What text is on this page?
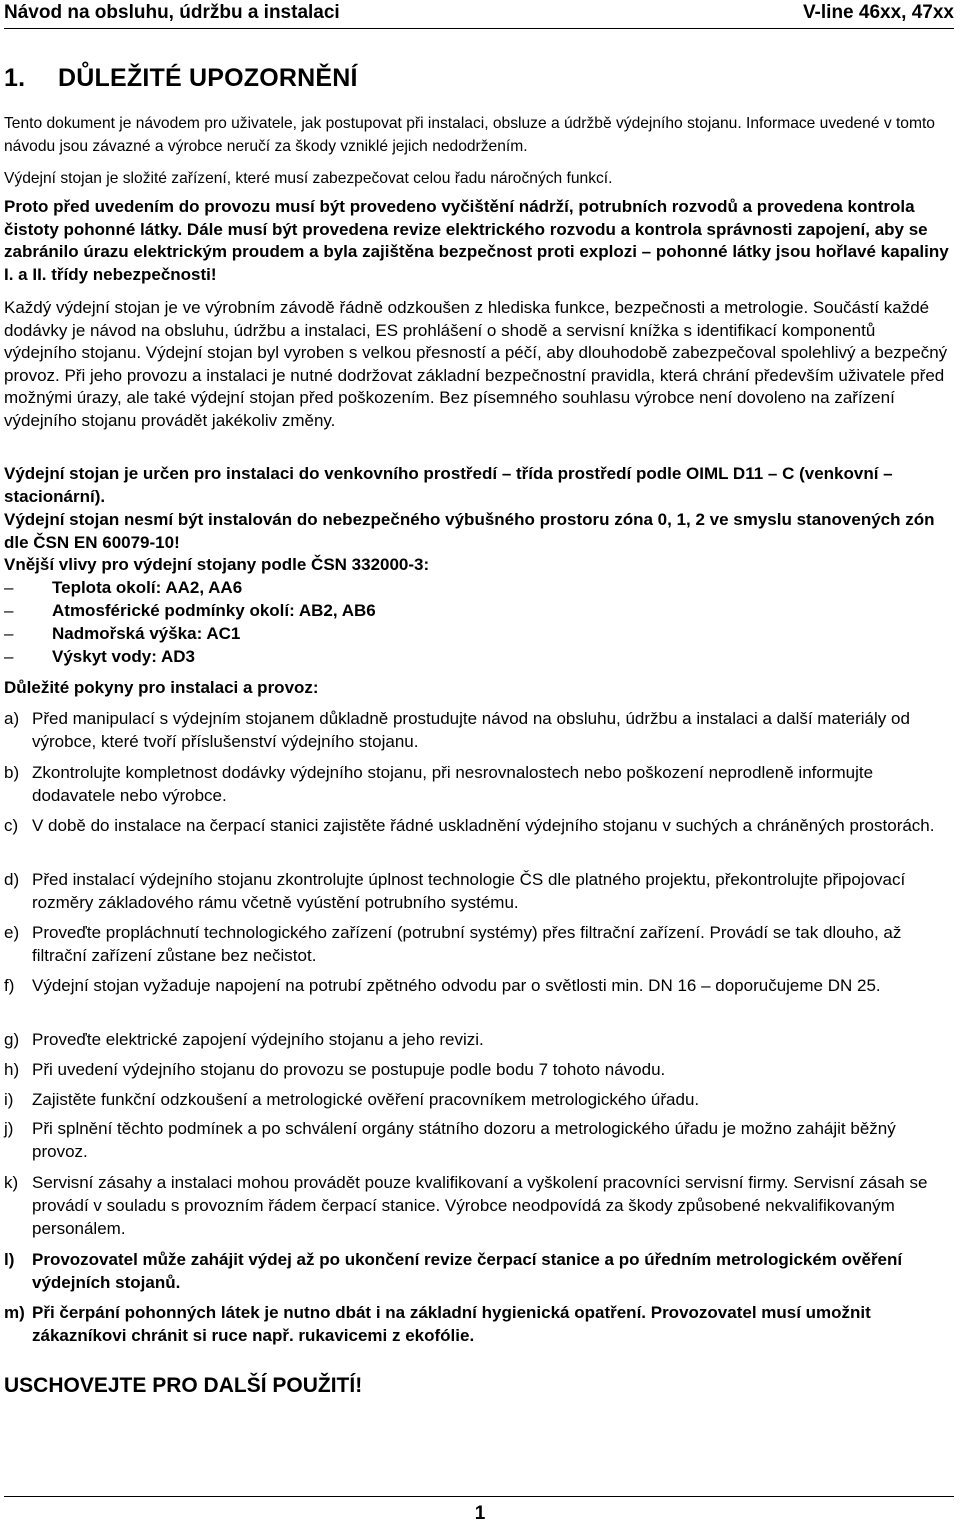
Návod na obsluhu, údržbu a instalaci	V-line 46xx, 47xx
1. DŮLEŽITÉ UPOZORNĚNÍ

Tento dokument je návodem pro uživatele, jak postupovat při instalaci, obsluze a údržbě výdejního stojanu. Informace uvedené v tomto návodu jsou závazné a výrobce neručí za škody vzniklé jejich nedodržením.

Výdejní stojan je složité zařízení, které musí zabezpečovat celou řadu náročných funkcí.

Proto před uvedením do provozu musí být provedeno vyčištění nádrží, potrubních rozvodů a provedena kontrola čistoty pohonné látky. Dále musí být provedena revize elektrického rozvodu a kontrola správnosti zapojení, aby se zabránilo úrazu elektrickým proudem a byla zajištěna bezpečnost proti explozi – pohonné látky jsou hořlavé kapaliny I. a II. třídy nebezpečnosti!

Každý výdejní stojan je ve výrobním závodě řádně odzkoušen z hlediska funkce, bezpečnosti a metrologie. Součástí každé dodávky je návod na obsluhu, údržbu a instalaci, ES prohlášení o shodě a servisní knížka s identifikací komponentů výdejního stojanu. Výdejní stojan byl vyroben s velkou přesností a péčí, aby dlouhodobě zabezpečoval spolehlivý a bezpečný provoz. Při jeho provozu a instalaci je nutné dodržovat základní bezpečnostní pravidla, která chrání především uživatele před možnými úrazy, ale také výdejní stojan před poškozením. Bez písemného souhlasu výrobce není dovoleno na zařízení výdejního stojanu provádět jakékoliv změny.

Výdejní stojan je určen pro instalaci do venkovního prostředí – třída prostředí podle OIML D11 – C (venkovní – stacionární).

Výdejní stojan nesmí být instalován do nebezpečného výbušného prostoru zóna 0, 1, 2 ve smyslu stanovených zón dle ČSN EN 60079-10!

Vnější vlivy pro výdejní stojany podle ČSN 332000-3:

– Teplota okolí: AA2, AA6
– Atmosférické podmínky okolí: AB2, AB6
– Nadmořská výška: AC1
– Výskyt vody: AD3

Důležité pokyny pro instalaci a provoz:

a) Před manipulací s výdejním stojanem důkladně prostudujte návod na obsluhu, údržbu a instalaci a další materiály od výrobce, které tvoří příslušenství výdejního stojanu.
b) Zkontrolujte kompletnost dodávky výdejního stojanu, při nesrovnalostech nebo poškození neprodleně informujte dodavatele nebo výrobce.
c) V době do instalace na čerpací stanici zajistěte řádné uskladnění výdejního stojanu v suchých a chráněných prostorách.
d) Před instalací výdejního stojanu zkontrolujte úplnost technologie ČS dle platného projektu, překontrolujte připojovací rozměry základového rámu včetně vyústění potrubního systému.
e) Proveďte propláchnutí technologického zařízení (potrubní systémy) přes filtrační zařízení. Provádí se tak dlouho, až filtrační zařízení zůstane bez nečistot.
f)	Výdejní stojan vyžaduje napojení na potrubí zpětného odvodu par o světlosti min. DN 16 – doporučujeme DN 25.
g) Proveďte elektrické zapojení výdejního stojanu a jeho revizi.
h) Při uvedení výdejního stojanu do provozu se postupuje podle bodu 7 tohoto návodu.
i)	Zajistěte funkční odzkoušení a metrologické ověření pracovníkem metrologického úřadu.
j)	Při splnění těchto podmínek a po schválení orgány státního dozoru a metrologického úřadu je možno zahájit běžný provoz.
k) Servisní zásahy a instalaci mohou provádět pouze kvalifikovaní a vyškolení pracovníci servisní firmy. Servisní zásah se provádí v souladu s provozním řádem čerpací stanice. Výrobce neodpovídá za škody způsobené nekvalifikovaným personálem.
l)	Provozovatel může zahájit výdej až po ukončení revize čerpací stanice a po úředním metrologickém ověření výdejních stojanů.
m) Při čerpání pohonných látek je nutno dbát i na základní hygienická opatření. Provozovatel musí umožnit zákazníkovi chránit si ruce např. rukavicemi z ekofólie.
USCHOVEJTE PRO DALŠÍ POUŽITÍ!
1
